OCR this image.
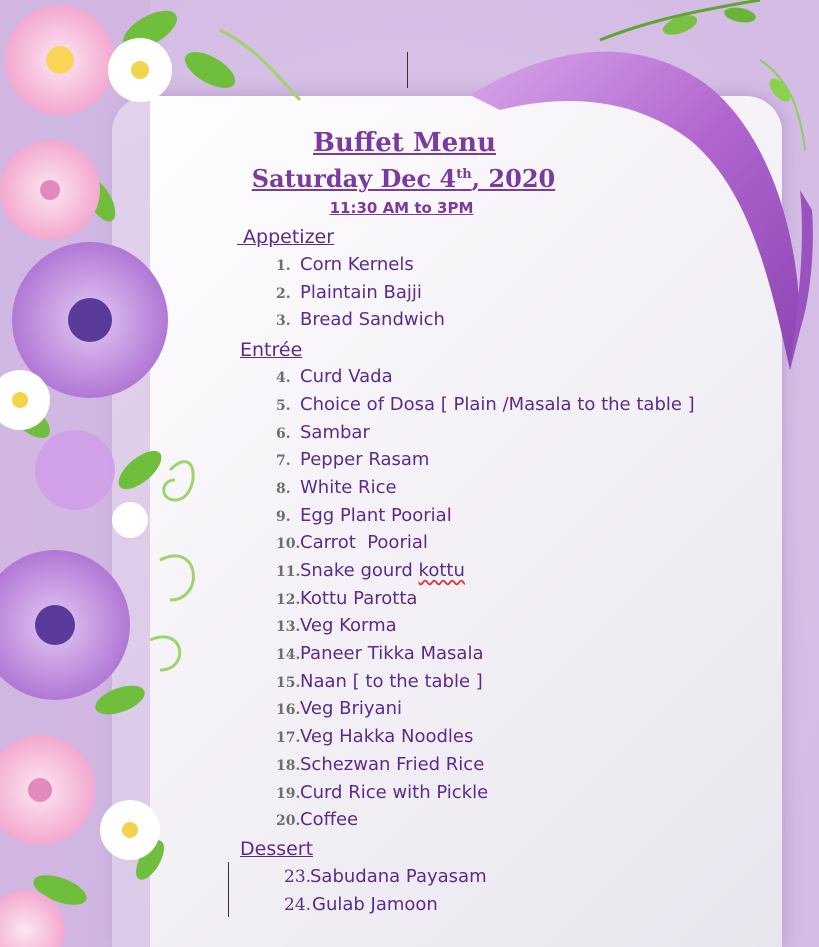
Buffet Menu
Saturday Dec 4th, 2020
11:30 AM to 3PM
Appetizer
Entrée
Dessert
1. Corn Kernels
2. Plaintain Bajji
3. Bread Sandwich
4. Curd Vada
5. Choice of Dosa [ Plain /Masala to the table ]
6. Sambar
7. Pepper Rasam
8. White Rice
9. Egg Plant Poorial
10.Carrot  Poorial
11.Snake gourd kottu
12.Kottu Parotta
13.Veg Korma
14.Paneer Tikka Masala
15.Naan [ to the table ]
16.Veg Briyani
17.Veg Hakka Noodles
18.Schezwan Fried Rice
19.Curd Rice with Pickle
20.Coffee
23.Sabudana Payasam
24.Gulab Jamoon
